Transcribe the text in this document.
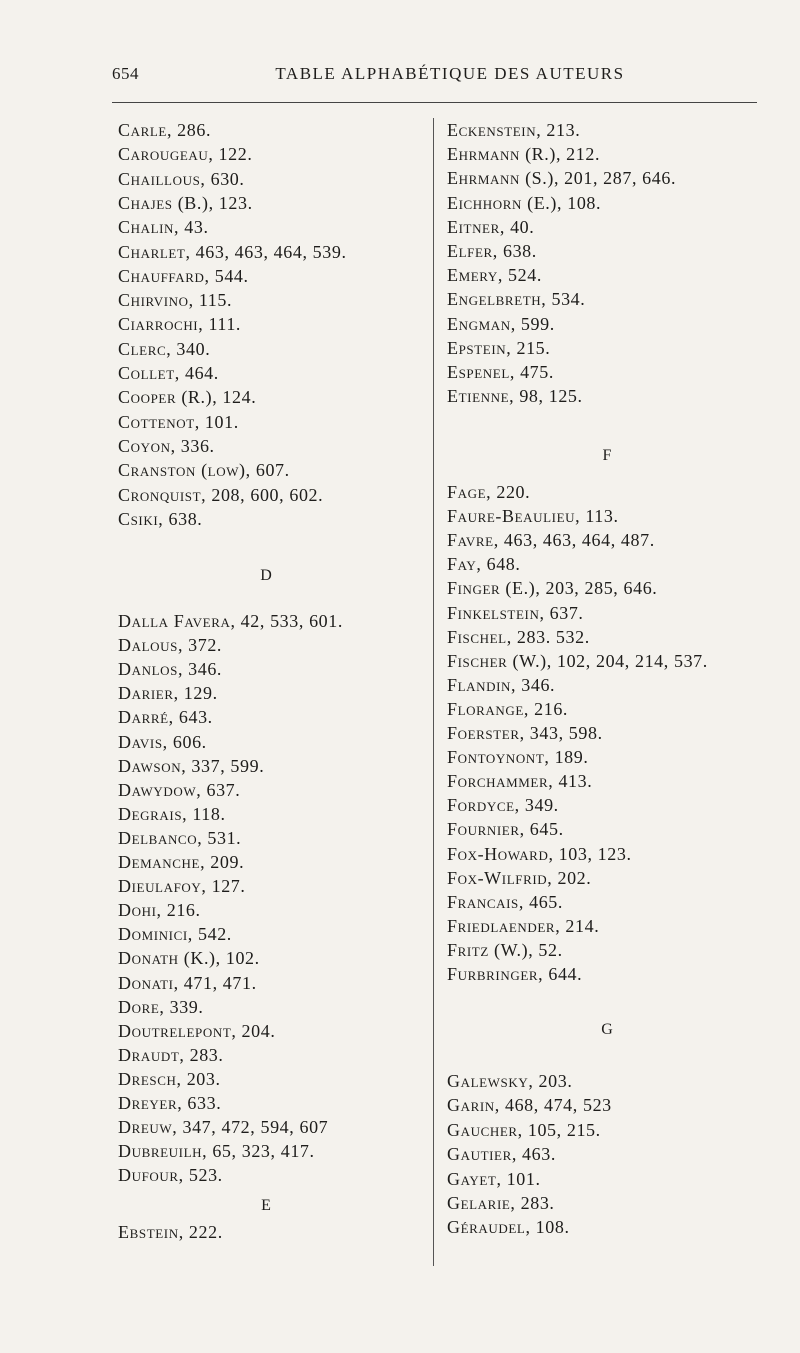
654	TABLE ALPHABÉTIQUE DES AUTEURS
Carle, 286.
Carougeau, 122.
Chaillous, 630.
Chajes (B.), 123.
Chalin, 43.
Charlet, 463, 463, 464, 539.
Chauffard, 544.
Chirvino, 115.
Ciarrochi, 111.
Clerc, 340.
Collet, 464.
Cooper (R.), 124.
Cottenot, 101.
Coyon, 336.
Cranston (low), 607.
Cronquist, 208, 600, 602.
Csiki, 638.
D
Dalla Favera, 42, 533, 601.
Dalous, 372.
Danlos, 346.
Darier, 129.
Darré, 643.
Davis, 606.
Dawson, 337, 599.
Dawydow, 637.
Degrais, 118.
Delbanco, 531.
Demanche, 209.
Dieulafoy, 127.
Dohi, 216.
Dominici, 542.
Donath (K.), 102.
Donati, 471, 471.
Dore, 339.
Doutrelepont, 204.
Draudt, 283.
Dresch, 203.
Dreyer, 633.
Dreuw, 347, 472, 594, 607
Dubreuilh, 65, 323, 417.
Dufour, 523.
E
Ebstein, 222.
Eckenstein, 213.
Ehrmann (R.), 212.
Ehrmann (S.), 201, 287, 646.
Eichhorn (E.), 108.
Eitner, 40.
Elfer, 638.
Emery, 524.
Engelbreth, 534.
Engman, 599.
Epstein, 215.
Espenel, 475.
Etienne, 98, 125.
F
Fage, 220.
Faure-Beaulieu, 113.
Favre, 463, 463, 464, 487.
Fay, 648.
Finger (E.), 203, 285, 646.
Finkelstein, 637.
Fischel, 283. 532.
Fischer (W.), 102, 204, 214, 537.
Flandin, 346.
Florange, 216.
Foerster, 343, 598.
Fontoynont, 189.
Forchammer, 413.
Fordyce, 349.
Fournier, 645.
Fox-Howard, 103, 123.
Fox-Wilfrid, 202.
Francais, 465.
Friedlaender, 214.
Fritz (W.), 52.
Furbringer, 644.
G
Galewsky, 203.
Garin, 468, 474, 523
Gaucher, 105, 215.
Gautier, 463.
Gayet, 101.
Gelarie, 283.
Géraudel, 108.
